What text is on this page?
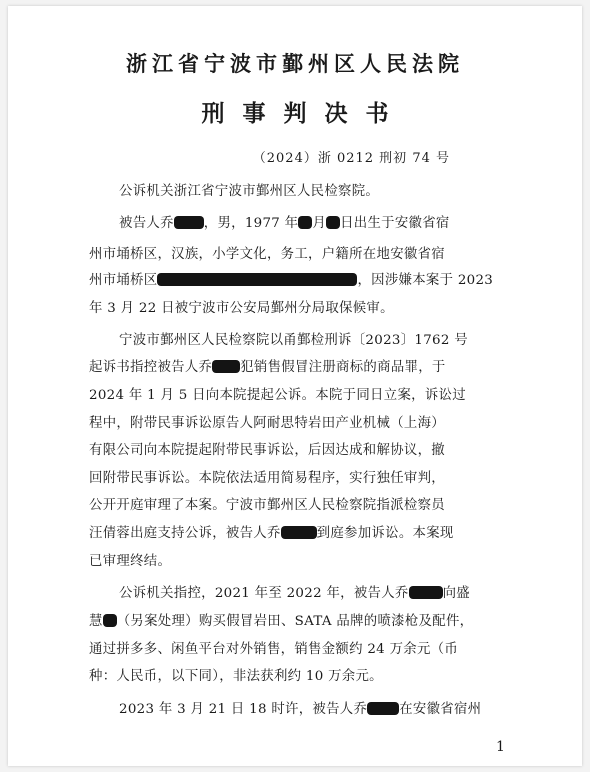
浙江省宁波市鄞州区人民法院
刑事判决书
（2024）浙 0212 刑初 74 号
公诉机关浙江省宁波市鄞州区人民检察院。
被告人乔 ，男，1977 年 月 日出生于安徽省宿
州市埇桥区，汉族，小学文化，务工，户籍所在地安徽省宿
州市埇桥区	，因涉嫌本案于 2023
年 3 月 22 日被宁波市公安局鄞州分局取保候审。
宁波市鄞州区人民检察院以甬鄞检刑诉〔2023〕1762 号
起诉书指控被告人乔 犯销售假冒注册商标的商品罪，于
2024 年 1 月 5 日向本院提起公诉。本院于同日立案，诉讼过
程中，附带民事诉讼原告人阿耐思特岩田产业机械（上海）
有限公司向本院提起附带民事诉讼，后因达成和解协议，撤
回附带民事诉讼。本院依法适用简易程序，实行独任审判，
公开开庭审理了本案。宁波市鄞州区人民检察院指派检察员
汪倩蓉出庭支持公诉，被告人乔	到庭参加诉讼。本案现
已审理终结。
公诉机关指控，2021 年至 2022 年，被告人乔	向盛
慧 （另案处理）购买假冒岩田、SATA 品牌的喷漆枪及配件，
通过拼多多、闲鱼平台对外销售，销售金额约 24 万余元（币
种：人民币，以下同），非法获利约 10 万余元。
2023 年 3 月 21 日 18 时许，被告人乔 在安徽省宿州
1
